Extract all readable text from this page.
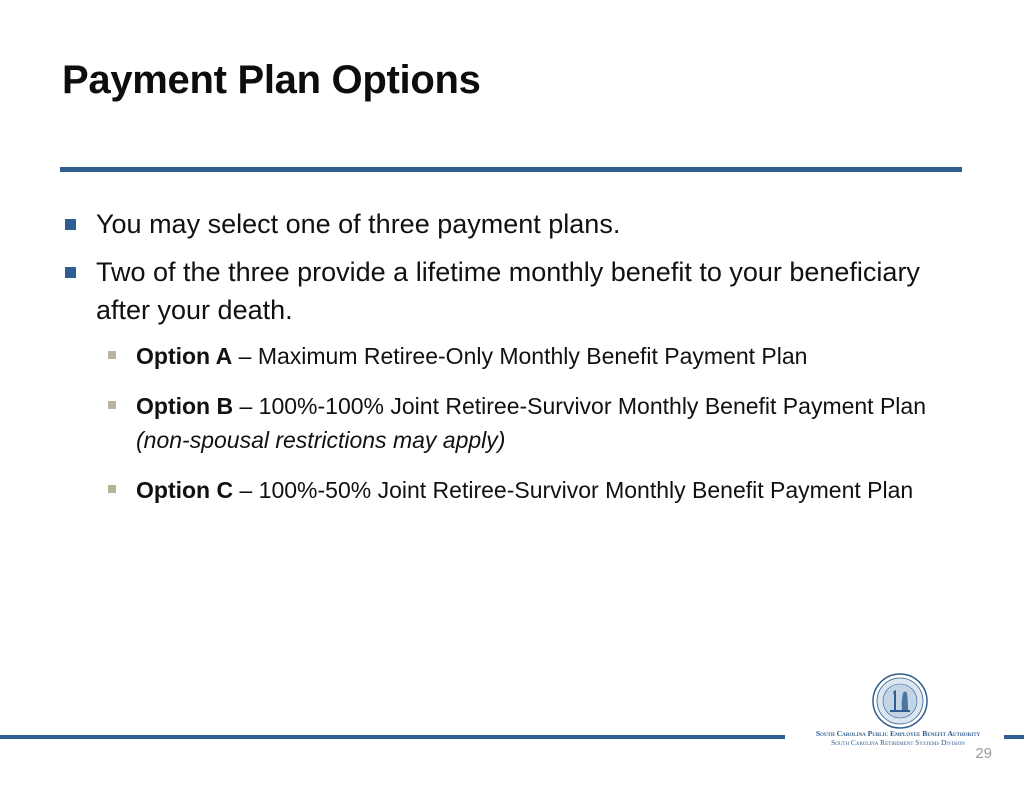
Payment Plan Options
You may select one of three payment plans.
Two of the three provide a lifetime monthly benefit to your beneficiary after your death.
Option A – Maximum Retiree-Only Monthly Benefit Payment Plan
Option B – 100%-100% Joint Retiree-Survivor Monthly Benefit Payment Plan (non-spousal restrictions may apply)
Option C – 100%-50% Joint Retiree-Survivor Monthly Benefit Payment Plan
South Carolina Public Employee Benefit Authority
South Carolina Retirement Systems Division
29
